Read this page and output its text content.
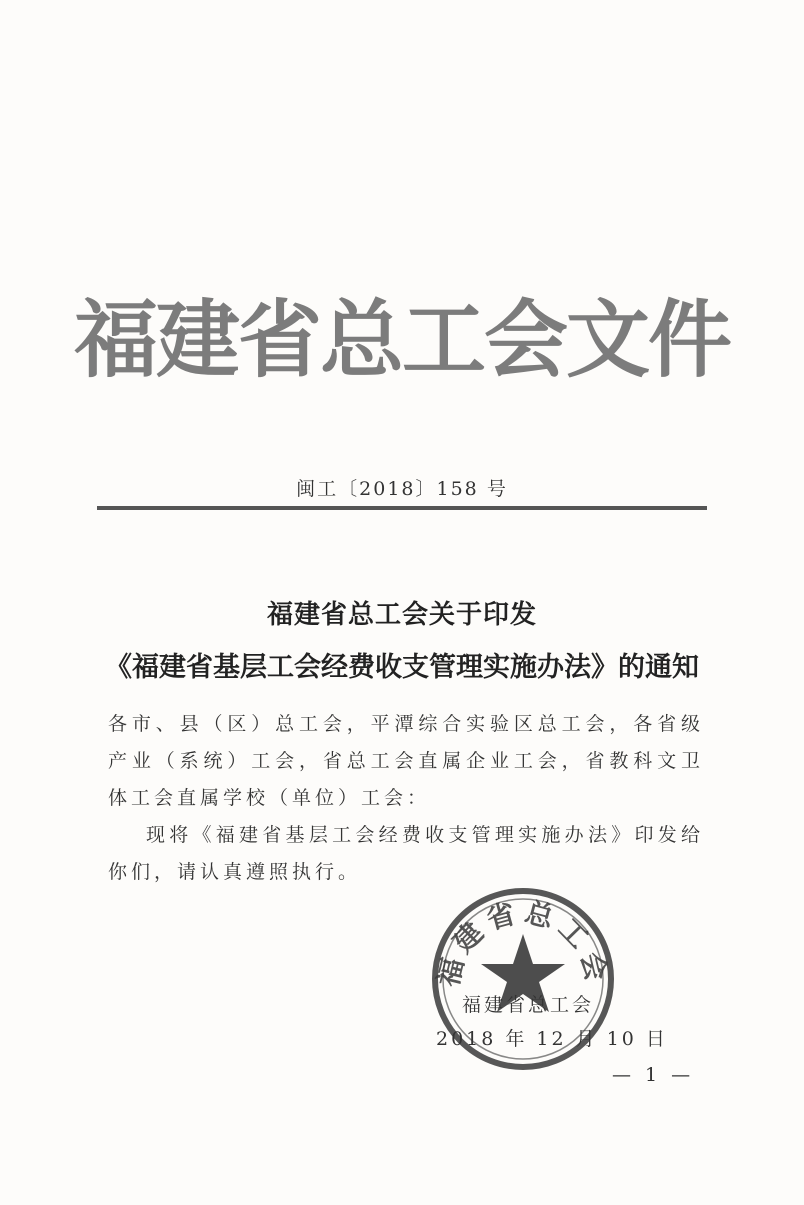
福建省总工会文件
闽工〔2018〕158 号
福建省总工会关于印发
《福建省基层工会经费收支管理实施办法》的通知

各市、县（区）总工会，平潭综合实验区总工会，各省级产业（系统）工会，省总工会直属企业工会，省教科文卫体工会直属学校（单位）工会：

现将《福建省基层工会经费收支管理实施办法》印发给你们，请认真遵照执行。

福建省总工会
福建省总工会
2018 年 12 月 10 日
— 1 —
